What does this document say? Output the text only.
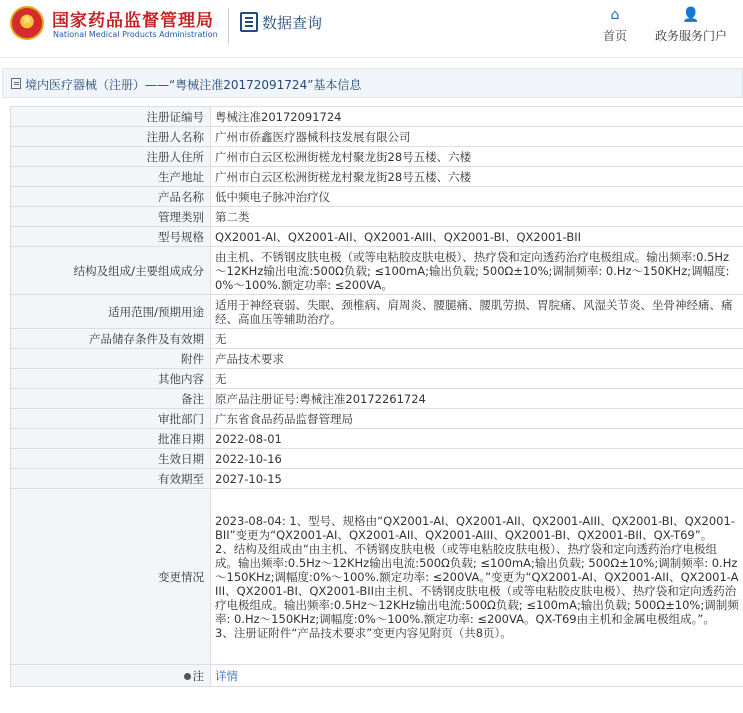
★
国家药品监督管理局
National Medical Products Administration
数据查询	⌂
首页
👤
政务服务门户
境内医疗器械（注册）——“粤械注准20172091724”基本信息
注册证编号	粤械注准20172091724
注册人名称	广州市侨鑫医疗器械科技发展有限公司
注册人住所	广州市白云区松洲街槎龙村聚龙街28号五楼、六楼
生产地址	广州市白云区松洲街槎龙村聚龙街28号五楼、六楼
产品名称	低中频电子脉冲治疗仪
管理类别	第二类
型号规格	QX2001-AI、QX2001-AII、QX2001-AIII、QX2001-BI、QX2001-BII
结构及组成/主要组成成分	由主机、不锈钢皮肤电极（或等电粘胶皮肤电极）、热疗袋和定向透药治疗电极组成。输出频率:0.5Hz～12KHz输出电流:500Ω负载; ≤100mA;输出负载; 500Ω±10%;调制频率: 0.Hz～150KHz;调幅度:0%～100%.额定功率: ≤200VA。
适用范围/预期用途	适用于神经衰弱、失眠、颈椎病、肩周炎、腰腿痛、腰肌劳损、胃脘痛、风湿关节炎、坐骨神经痛、痛经、高血压等辅助治疗。
产品储存条件及有效期	无
附件	产品技术要求
其他内容	无
备注	原产品注册证号:粤械注准20172261724
审批部门	广东省食品药品监督管理局
批准日期	2022-08-01
生效日期	2022-10-16
有效期至	2027-10-15
变更情况	2023-08-04: 1、型号、规格由“QX2001-AI、QX2001-AII、QX2001-AIII、QX2001-BI、QX2001-BII”变更为“QX2001-AI、QX2001-AII、QX2001-AIII、QX2001-BI、QX2001-BII、QX-T69”。
2、结构及组成由“由主机、不锈钢皮肤电极（或等电粘胶皮肤电极）、热疗袋和定向透药治疗电极组成。输出频率:0.5Hz～12KHz输出电流:500Ω负载; ≤100mA;输出负载; 500Ω±10%;调制频率: 0.Hz～150KHz;调幅度:0%～100%.额定功率: ≤200VA。”变更为“QX2001-AI、QX2001-AII、QX2001-AIII、QX2001-BI、QX2001-BII由主机、不锈钢皮肤电极（或等电粘胶皮肤电极）、热疗袋和定向透药治疗电极组成。输出频率:0.5Hz～12KHz输出电流:500Ω负载; ≤100mA;输出负载; 500Ω±10%;调制频率: 0.Hz～150KHz;调幅度:0%～100%.额定功率: ≤200VA。QX-T69由主机和金属电极组成。”。
3、注册证附件“产品技术要求”变更内容见附页（共8页）。

注	详情
